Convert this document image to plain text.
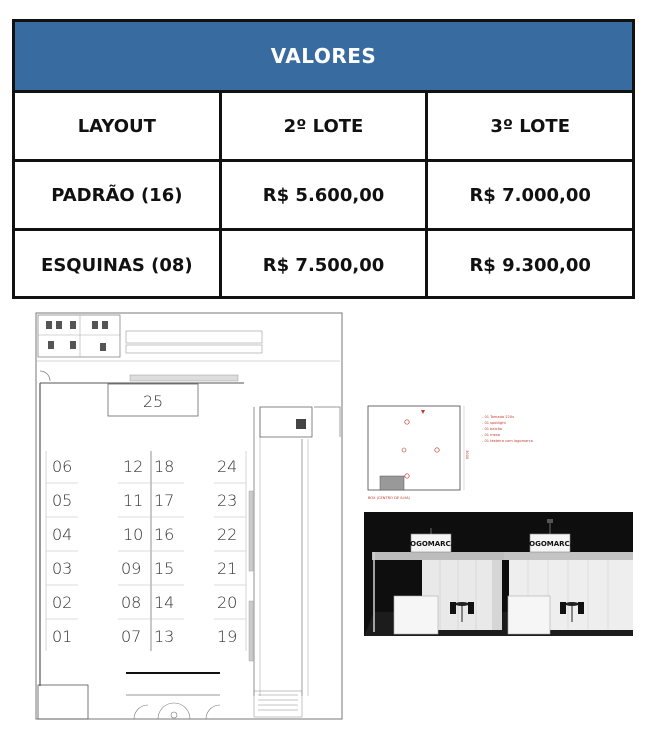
VALORES
LAYOUT	2º LOTE	3º LOTE
PADRÃO (16)	R$ 5.600,00	R$ 7.000,00
ESQUINAS (08)	R$ 7.500,00	R$ 9.300,00
25
06
05
04
03
02
01
12
11
10
09
08
07
18
17
16
15
14
13
24
23
22
21
20
19
3000
BOX (CENTRO DE ILHA)
- 01 Tomada 220v
- 01 spotlight
- 01 balcão
- 01 mesa
- 01 testeira com logomarca
LOGOMARCA	LOGOMARCA
